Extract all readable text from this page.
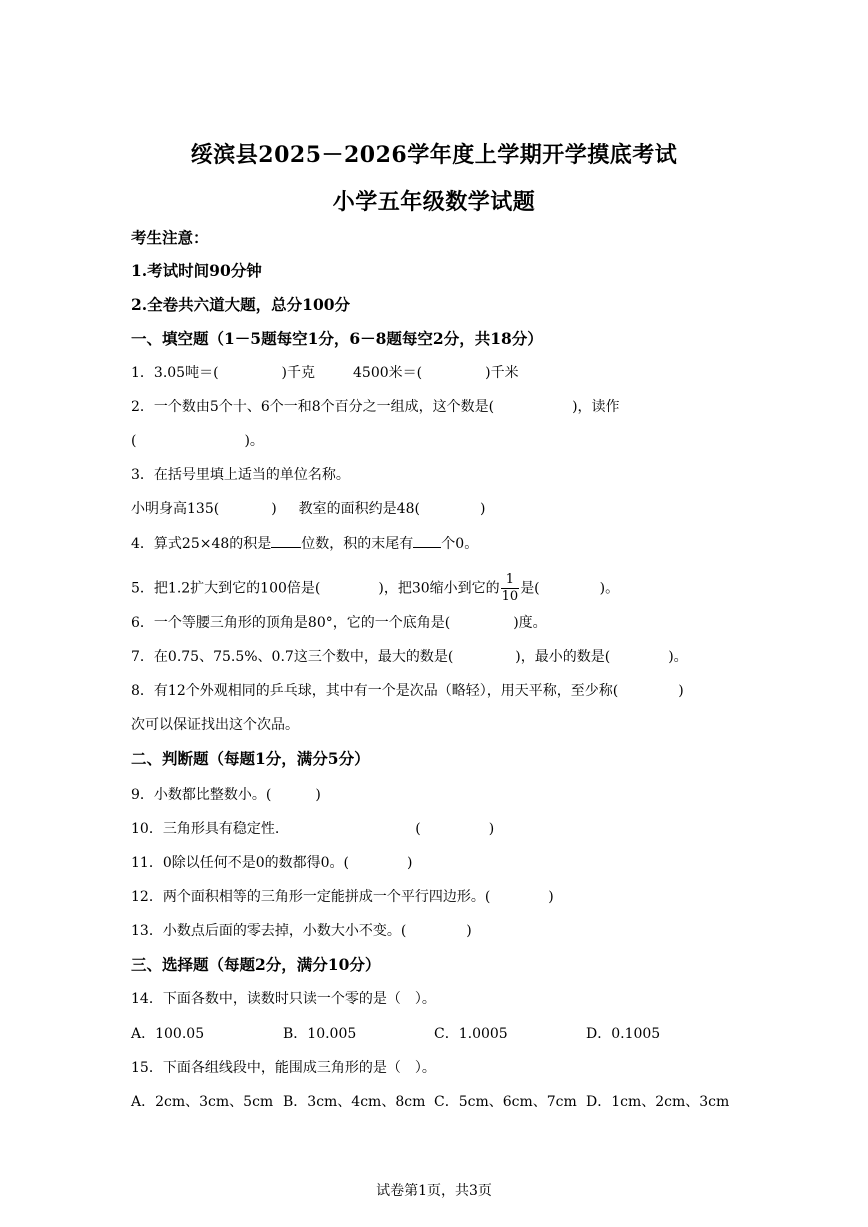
绥滨县2025－2026学年度上学期开学摸底考试
小学五年级数学试题
考生注意：
1.考试时间90分钟
2.全卷共六道大题，总分100分
一、填空题（1－5题每空1分，6－8题每空2分，共18分）
1．3.05吨＝(	)千克	4500米＝(	)千米
2．一个数由5个十、6个一和8个百分之一组成，这个数是(	)，读作
(	)。
3．在括号里填上适当的单位名称。
小明身高135(	) 教室的面积约是48(	)
4．算式25×48的积是 位数，积的末尾有 个0。
5．把1.2扩大到它的100倍是(	)，把30缩小到它的 $\frac{1}{10}$ 是(	)。
6．一个等腰三角形的顶角是80°，它的一个底角是(	)度。
7．在0.75、75.5%、0.7这三个数中，最大的数是(	)，最小的数是(	)。
8．有12个外观相同的乒乓球，其中有一个是次品（略轻），用天平称，至少称(	)
次可以保证找出这个次品。
二、判断题（每题1分，满分5分）
9．小数都比整数小。(	)
10．三角形具有稳定性.	(	)
11．0除以任何不是0的数都得0。(	)
12．两个面积相等的三角形一定能拼成一个平行四边形。(	)
13．小数点后面的零去掉，小数大小不变。(	)
三、选择题（每题2分，满分10分）
14．下面各数中，读数时只读一个零的是（　）。
A．100.05	B．10.005	C．1.0005	D．0.1005
15．下面各组线段中，能围成三角形的是（　）。
A．2cm、3cm、5cm B．3cm、4cm、8cm C．5cm、6cm、7cm D．1cm、2cm、3cm
试卷第1页，共3页
